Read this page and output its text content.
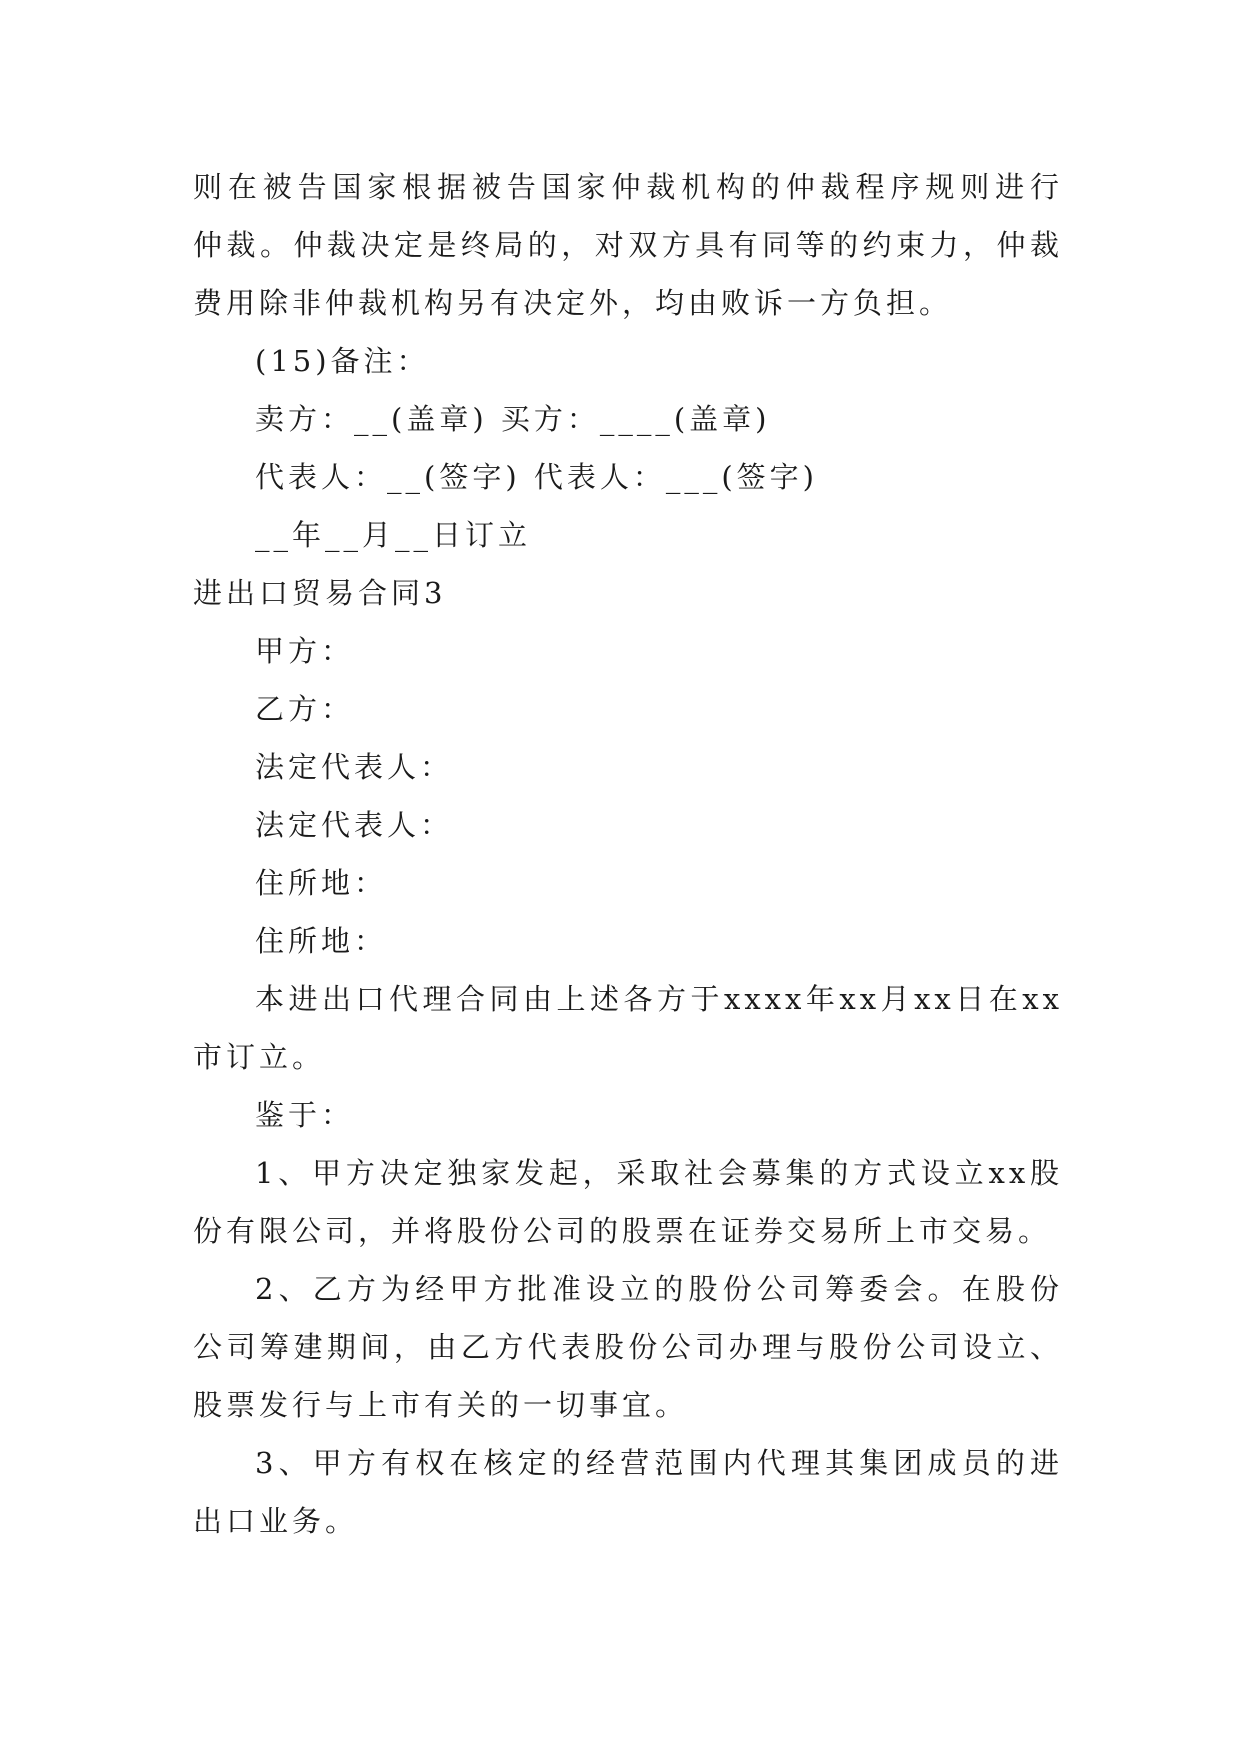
则在被告国家根据被告国家仲裁机构的仲裁程序规则进行
仲裁。仲裁决定是终局的，对双方具有同等的约束力，仲裁
费用除非仲裁机构另有决定外，均由败诉一方负担。
(15)备注：
卖方：__(盖章) 买方：____(盖章)
代表人：__(签字) 代表人：___(签字)
__年__月__日订立
进出口贸易合同3
甲方：
乙方：
法定代表人：
法定代表人：
住所地：
住所地：
本进出口代理合同由上述各方于xxxx年xx月xx日在xx
市订立。
鉴于：
1、甲方决定独家发起，采取社会募集的方式设立xx股
份有限公司，并将股份公司的股票在证券交易所上市交易。
2、乙方为经甲方批准设立的股份公司筹委会。在股份
公司筹建期间，由乙方代表股份公司办理与股份公司设立、
股票发行与上市有关的一切事宜。
3、甲方有权在核定的经营范围内代理其集团成员的进
出口业务。
